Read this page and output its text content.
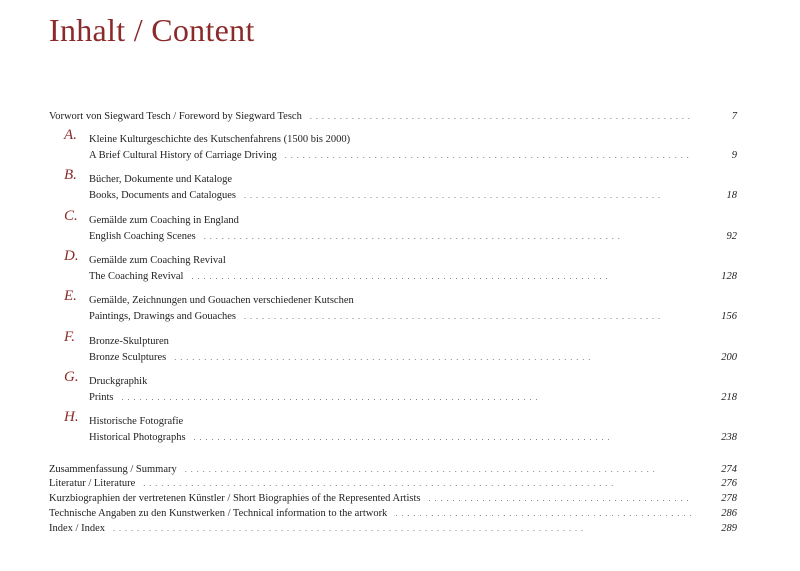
Inhalt / Content
Vorwort von Siegward Tesch / Foreword by Siegward Tesch . . .	7
A. Kleine Kulturgeschichte des Kutschenfahrens (1500 bis 2000)
A Brief Cultural History of Carriage Driving . . .	9
B. Bücher, Dokumente und Kataloge
Books, Documents and Catalogues . . .	18
C. Gemälde zum Coaching in England
English Coaching Scenes . . .	92
D. Gemälde zum Coaching Revival
The Coaching Revival . . .	128
E. Gemälde, Zeichnungen und Gouachen verschiedener Kutschen
Paintings, Drawings and Gouaches . . .	156
F. Bronze-Skulpturen
Bronze Sculptures . . .	200
G. Druckgraphik
Prints . . .	218
H. Historische Fotografie
Historical Photographs . . .	238
Zusammenfassung / Summary . . .	274
Literatur / Literature . . .	276
Kurzbiographien der vertretenen Künstler / Short Biographies of the Represented Artists . . .	278
Technische Angaben zu den Kunstwerken / Technical information to the artwork . . .	286
Index / Index . . .	289
